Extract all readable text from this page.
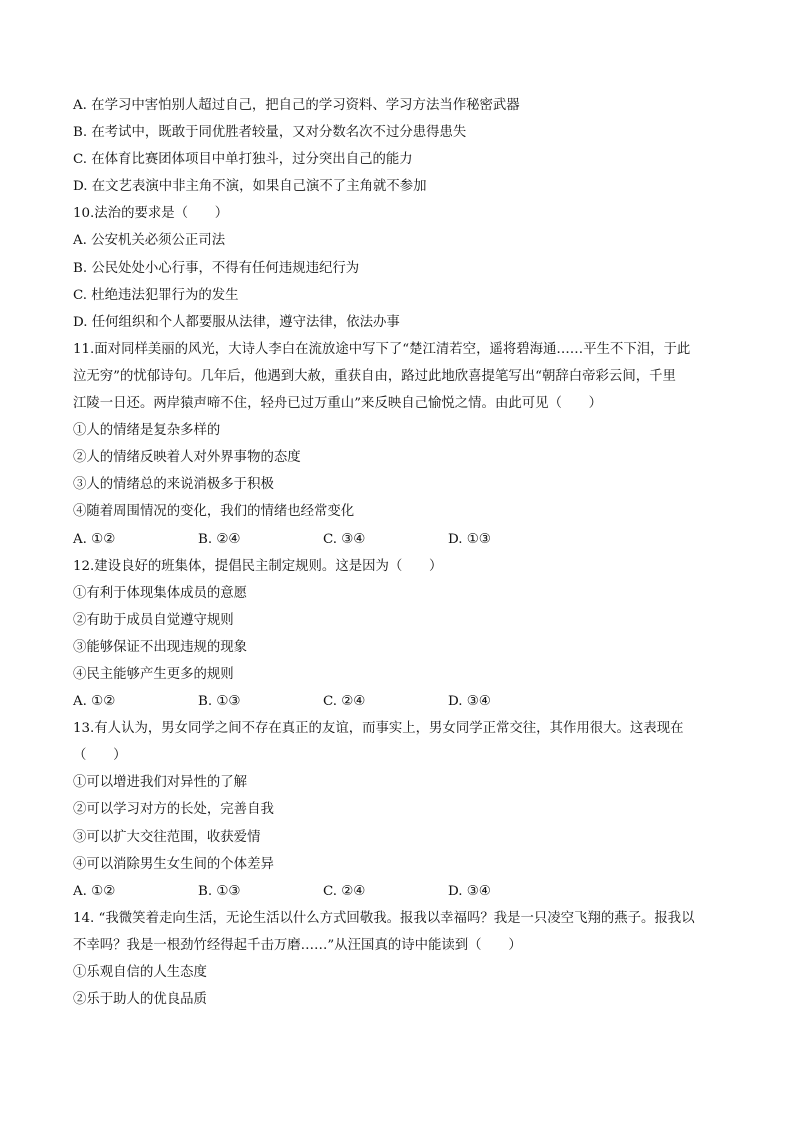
A. 在学习中害怕别人超过自己，把自己的学习资料、学习方法当作秘密武器
B. 在考试中，既敢于同优胜者较量，又对分数名次不过分患得患失
C. 在体育比赛团体项目中单打独斗，过分突出自己的能力
D. 在文艺表演中非主角不演，如果自己演不了主角就不参加
10.法治的要求是（　　）
A. 公安机关必须公正司法
B. 公民处处小心行事，不得有任何违规违纪行为
C. 杜绝违法犯罪行为的发生
D. 任何组织和个人都要服从法律，遵守法律，依法办事
11.面对同样美丽的风光，大诗人李白在流放途中写下了“楚江清若空，遥将碧海通……平生不下泪，于此
泣无穷”的忧郁诗句。几年后，他遇到大赦，重获自由，路过此地欣喜提笔写出“朝辞白帝彩云间，千里
江陵一日还。两岸猿声啼不住，轻舟已过万重山”来反映自己愉悦之情。由此可见（　　）
①人的情绪是复杂多样的
②人的情绪反映着人对外界事物的态度
③人的情绪总的来说消极多于积极
④随着周围情况的变化，我们的情绪也经常变化
A. ①②	B. ②④	C. ③④	D. ①③
12.建设良好的班集体，提倡民主制定规则。这是因为（　　）
①有利于体现集体成员的意愿
②有助于成员自觉遵守规则
③能够保证不出现违规的现象
④民主能够产生更多的规则
A. ①②	B. ①③	C. ②④	D. ③④
13.有人认为，男女同学之间不存在真正的友谊，而事实上，男女同学正常交往，其作用很大。这表现在
（　　）
①可以增进我们对异性的了解
②可以学习对方的长处，完善自我
③可以扩大交往范围，收获爱情
④可以消除男生女生间的个体差异
A. ①②	B. ①③	C. ②④	D. ③④
14. “我微笑着走向生活，无论生活以什么方式回敬我。报我以幸福吗？我是一只凌空飞翔的燕子。报我以
不幸吗？我是一根劲竹经得起千击万磨……”从汪国真的诗中能读到（　　）
①乐观自信的人生态度
②乐于助人的优良品质
